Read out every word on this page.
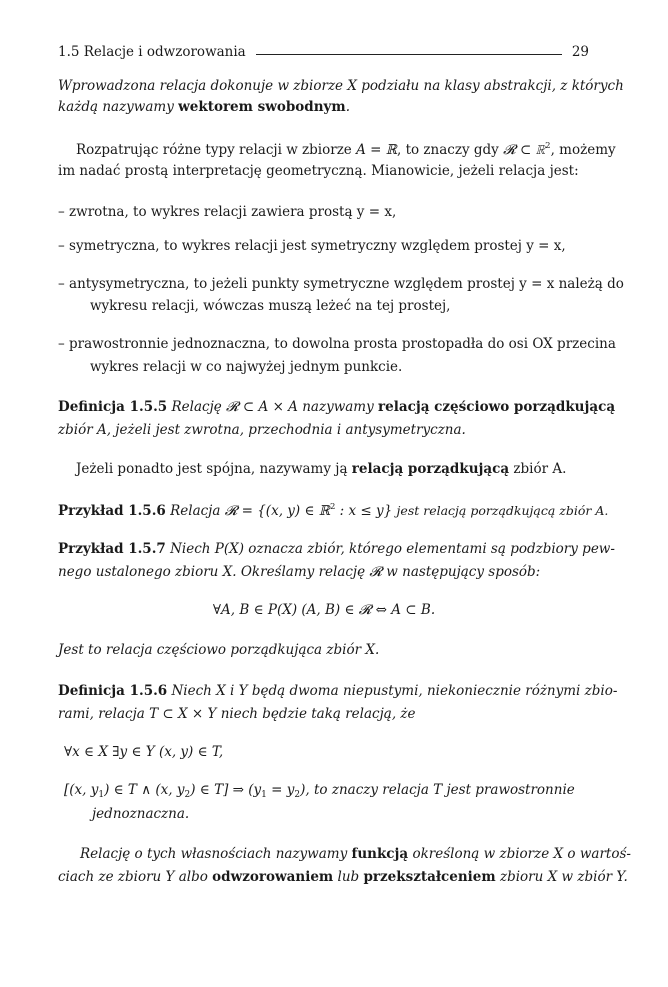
1.5 Relacje i odwzorowania	29
Wprowadzona relacja dokonuje w zbiorze X podziału na klasy abstrakcji, z których
każdą nazywamy wektorem swobodnym.
Rozpatrując różne typy relacji w zbiorze A = ℝ, to znaczy gdy 𝓡 ⊂ ℝ$^2$, możemy
im nadać prostą interpretację geometryczną. Mianowicie, jeżeli relacja jest:
– zwrotna, to wykres relacji zawiera prostą y = x,
– symetryczna, to wykres relacji jest symetryczny względem prostej y = x,
– antysymetryczna, to jeżeli punkty symetryczne względem prostej y = x należą do
wykresu relacji, wówczas muszą leżeć na tej prostej,
– prawostronnie jednoznaczna, to dowolna prosta prostopadła do osi OX przecina
wykres relacji w co najwyżej jednym punkcie.
Definicja 1.5.5 Relację 𝓡 ⊂ A × A nazywamy relacją częściowo porządkującą
zbiór A, jeżeli jest zwrotna, przechodnia i antysymetryczna.
Jeżeli ponadto jest spójna, nazywamy ją relacją porządkującą zbiór A.
Przykład 1.5.6 Relacja 𝓡 = {(x, y) ∈ ℝ$^2$ : x ≤ y} jest relacją porządkującą zbiór A.
Przykład 1.5.7 Niech P(X) oznacza zbiór, którego elementami są podzbiory pew-
nego ustalonego zbioru X. Określamy relację 𝓡 w następujący sposób:
∀A, B ∈ P(X) (A, B) ∈ 𝓡 ⇔ A ⊂ B.
Jest to relacja częściowo porządkująca zbiór X.
Definicja 1.5.6 Niech X i Y będą dwoma niepustymi, niekoniecznie różnymi zbio-
rami, relacja T ⊂ X × Y niech będzie taką relacją, że
∀x ∈ X ∃y ∈ Y (x, y) ∈ T,
[(x, $y_1$) ∈ T ∧ (x, $y_2$) ∈ T] ⇒ $(y_1 = y_2)$, to znaczy relacja T jest prawostronnie
jednoznaczna.
Relację o tych własnościach nazywamy funkcją określoną w zbiorze X o wartoś-
ciach ze zbioru Y albo odwzorowaniem lub przekształceniem zbioru X w zbiór Y.
